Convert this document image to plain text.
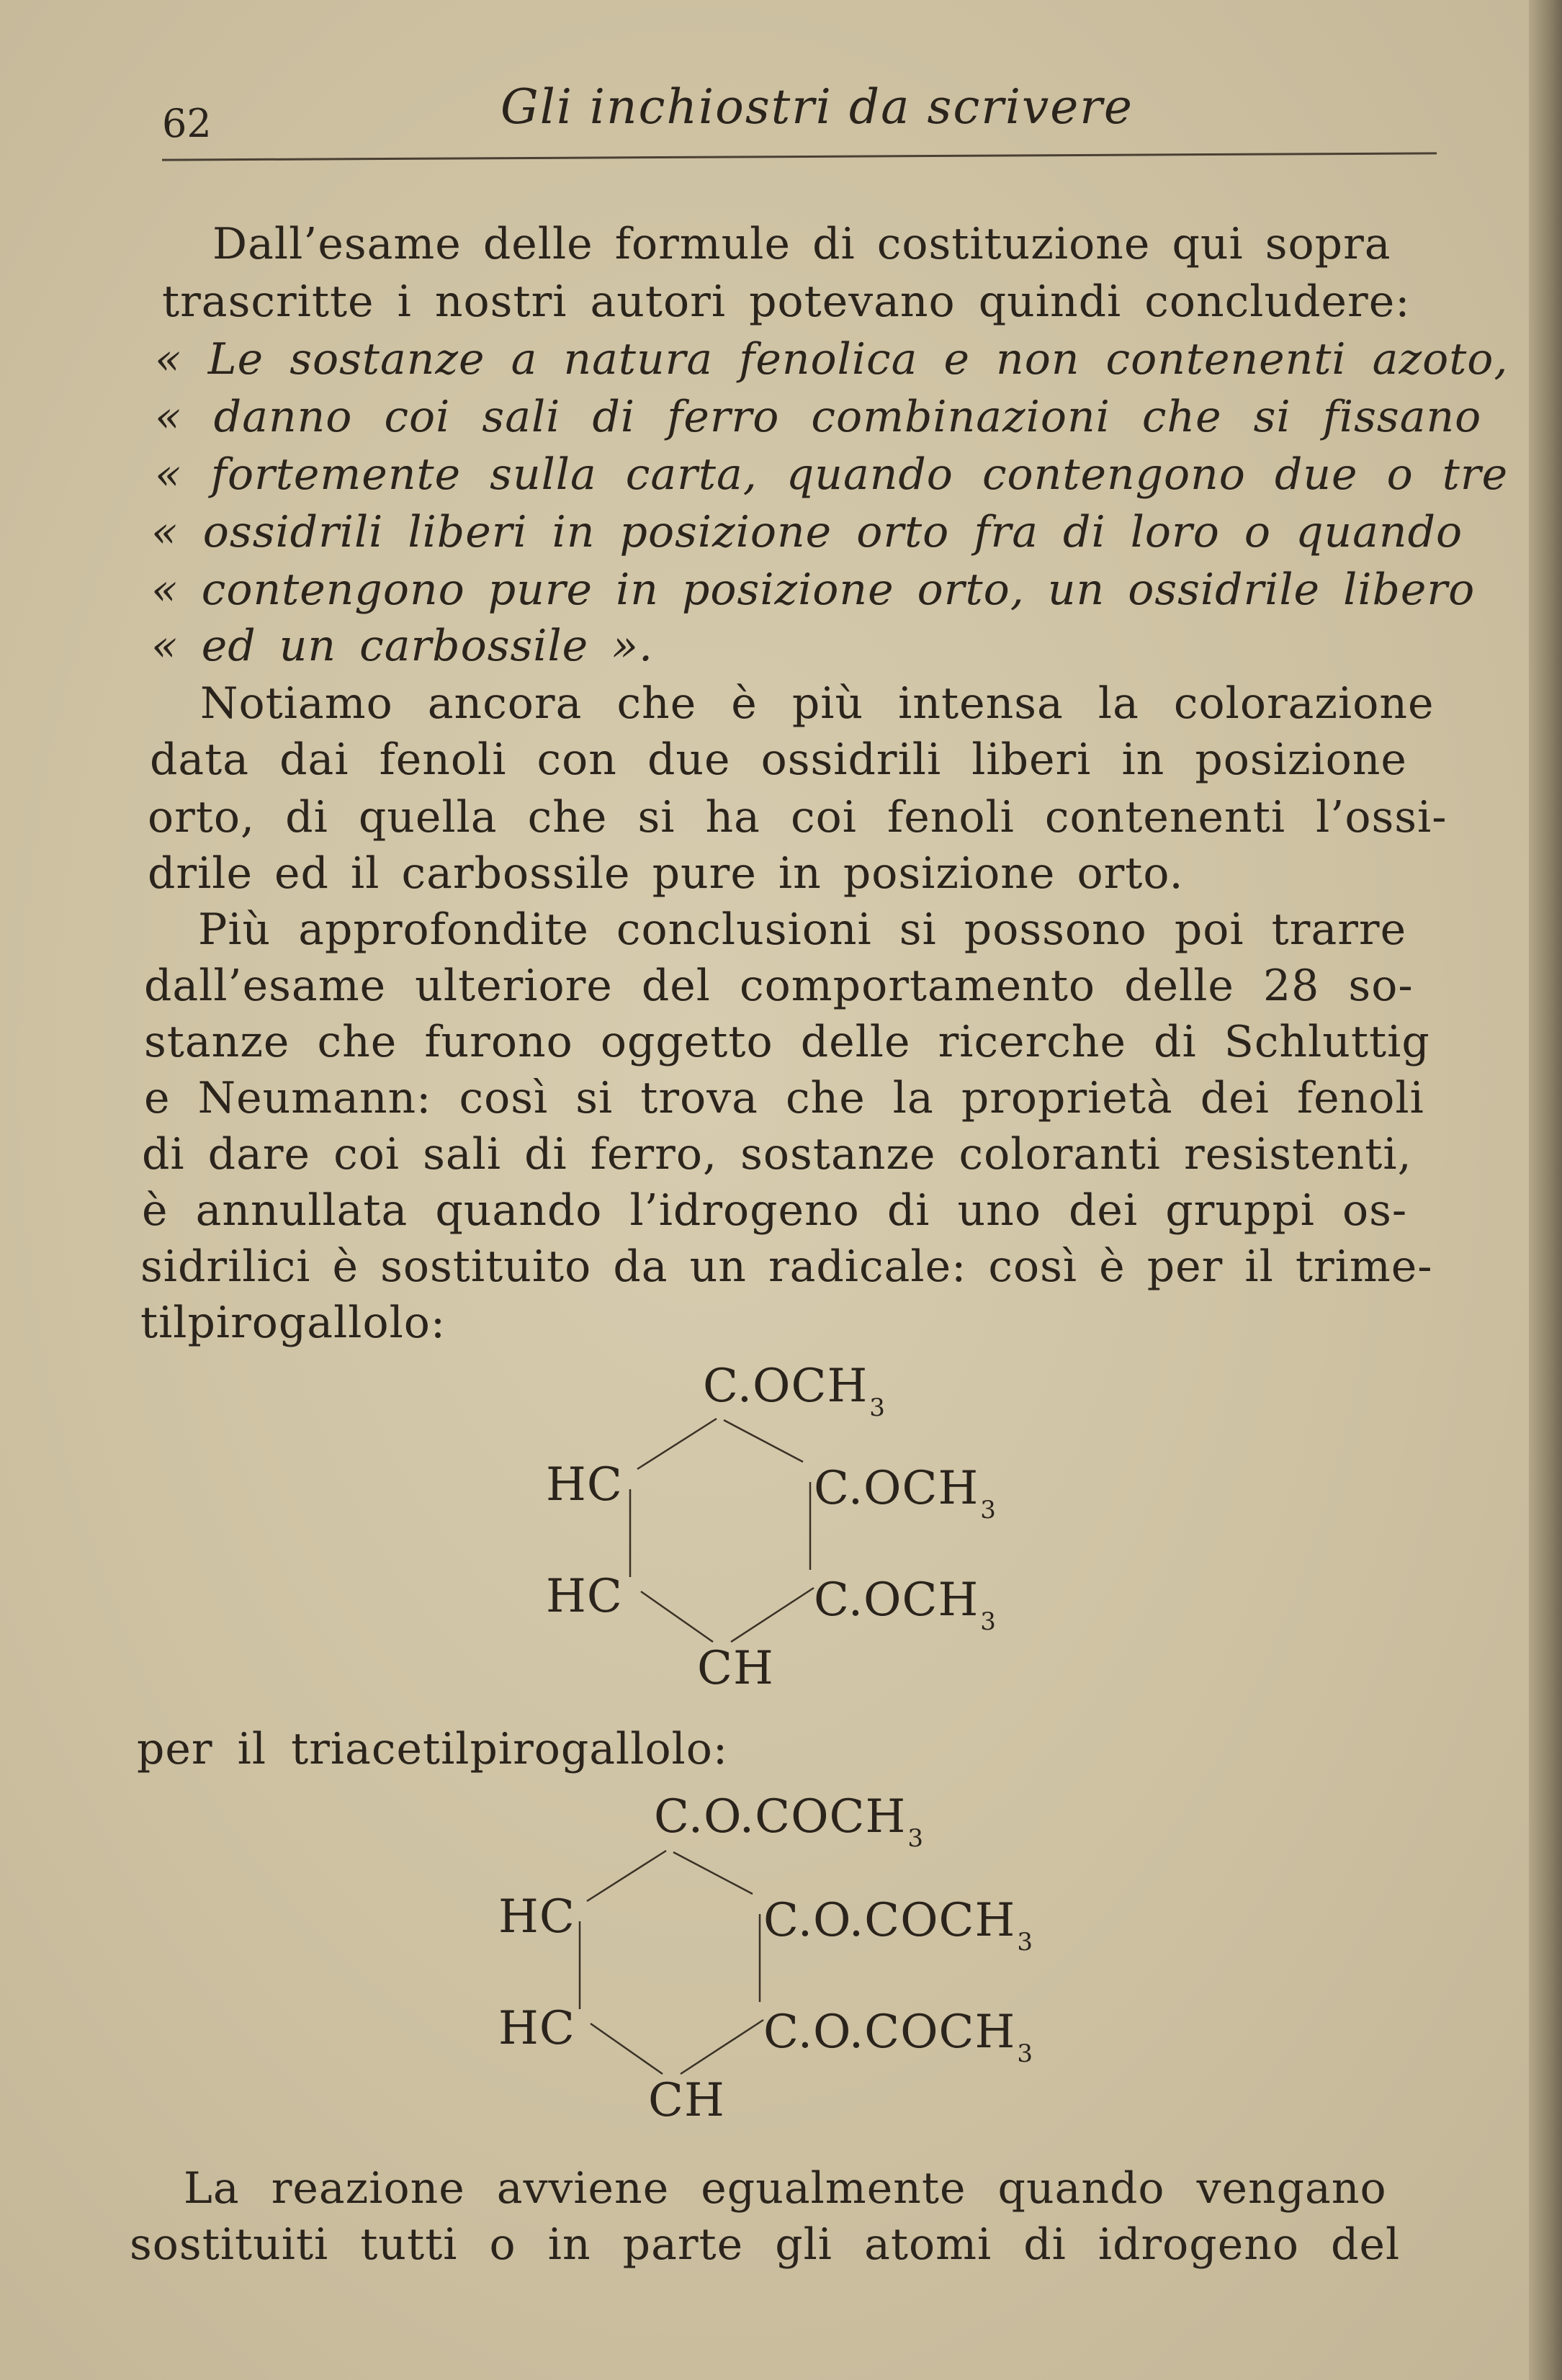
62	Gli inchiostri da scrivere
Dall’esame delle formule di costituzione qui sopra
trascritte i nostri autori potevano quindi concludere:
« Le sostanze a natura fenolica e non contenenti azoto,
« danno coi sali di ferro combinazioni che si fissano
« fortemente sulla carta, quando contengono due o tre
« ossidrili liberi in posizione orto fra di loro o quando
« contengono pure in posizione orto, un ossidrile libero
« ed un carbossile ».
Notiamo ancora che è più intensa la colorazione
data dai fenoli con due ossidrili liberi in posizione
orto, di quella che si ha coi fenoli contenenti l’ossi-
drile ed il carbossile pure in posizione orto.
Più approfondite conclusioni si possono poi trarre
dall’esame ulteriore del comportamento delle 28 so-
stanze che furono oggetto delle ricerche di Schluttig
e Neumann: così si trova che la proprietà dei fenoli
di dare coi sali di ferro, sostanze coloranti resistenti,
è annullata quando l’idrogeno di uno dei gruppi os-
sidrilici è sostituito da un radicale: così è per il trime-
tilpirogallolo:
$C.OCH_3$
HC	$C.OCH_3$
HC	$C.OCH_3$
CH
per il triacetilpirogallolo:
$C.O.COCH_3$
HC	$C.O.COCH_3$
HC	$C.O.COCH_3$
CH
La reazione avviene egualmente quando vengano
sostituiti tutti o in parte gli atomi di idrogeno del
